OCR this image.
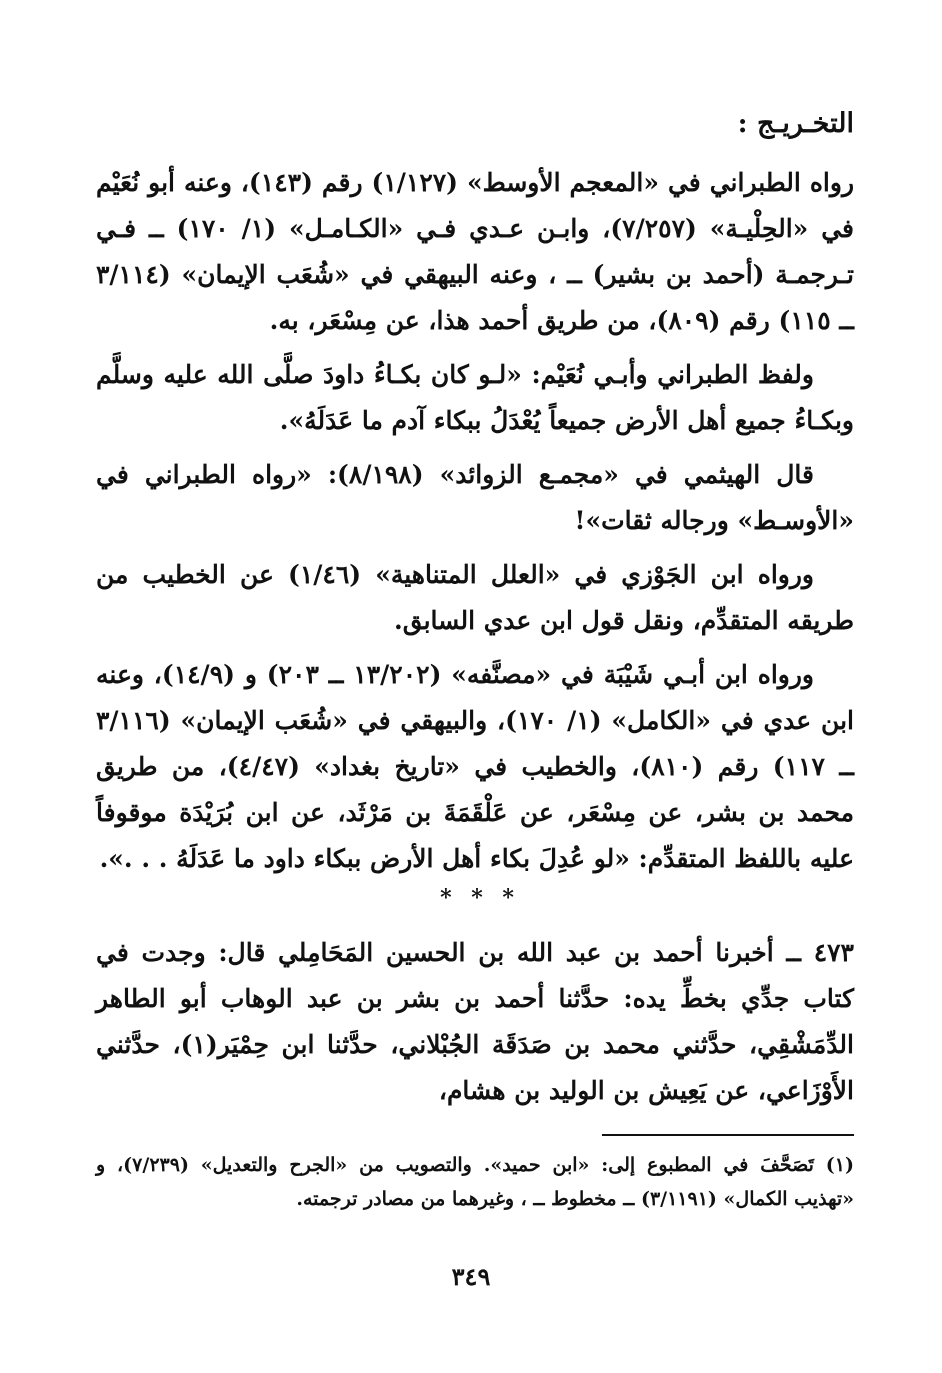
التخـريـج :

رواه الطبراني في «المعجم الأوسط» (١/١٢٧) رقم (١٤٣)، وعنه أبو نُعَيْم في «الحِلْيـة» (٧/٢٥٧)، وابـن عـدي فـي «الكـامـل» (١/ ١٧٠) ــ فـي تـرجمـة (أحمد بن بشير) ــ ، وعنه البيهقي في «شُعَب الإيمان» (٣/١١٤ ــ ١١٥) رقم (٨٠٩)، من طريق أحمد هذا، عن مِسْعَر، به.

ولفظ الطبراني وأبـي نُعَيْم: «لـو كان بكـاءُ داودَ صلَّى الله عليه وسلَّم وبكـاءُ جميع أهل الأرض جميعاً يُعْدَلُ ببكاء آدم ما عَدَلَهُ».

قال الهيثمي في «مجمـع الزوائد» (٨/١٩٨): «رواه الطبراني في «الأوسـط» ورجاله ثقات»!

ورواه ابن الجَوْزي في «العلل المتناهية» (١/٤٦) عن الخطيب من طريقه المتقدِّم، ونقل قول ابن عدي السابق.

ورواه ابن أبـي شَيْبَة في «مصنَّفه» (١٣/٢٠٢ ــ ٢٠٣) و (١٤/٩)، وعنه ابن عدي في «الكامل» (١/ ١٧٠)، والبيهقي في «شُعَب الإيمان» (٣/١١٦ ــ ١١٧) رقم (٨١٠)، والخطيب في «تاريخ بغداد» (٤/٤٧)، من طريق محمد بن بشر، عن مِسْعَر، عن عَلْقَمَةَ بن مَرْثَد، عن ابن بُرَيْدَة موقوفاً عليه باللفظ المتقدِّم: «لو عُدِلَ بكاء أهل الأرض ببكاء داود ما عَدَلَهُ . . .».

* * *

٤٧٣ ــ أخبرنا أحمد بن عبد الله بن الحسين المَحَامِلي قال: وجدت في كتاب جدِّي بخطِّ يده: حدَّثنا أحمد بن بشر بن عبد الوهاب أبو الطاهر الدِّمَشْقِي، حدَّثني محمد بن صَدَقَة الجُبْلاني، حدَّثنا ابن حِمْيَر(١)، حدَّثني الأَوْزَاعي، عن يَعِيش بن الوليد بن هشام،

(١) تَصَحَّفَ في المطبوع إلى: «ابن حميد». والتصويب من «الجرح والتعديل» (٧/٢٣٩)، و «تهذيب الكمال» (٣/١١٩١) ــ مخطوط ــ ، وغيرهما من مصادر ترجمته.

٣٤٩
